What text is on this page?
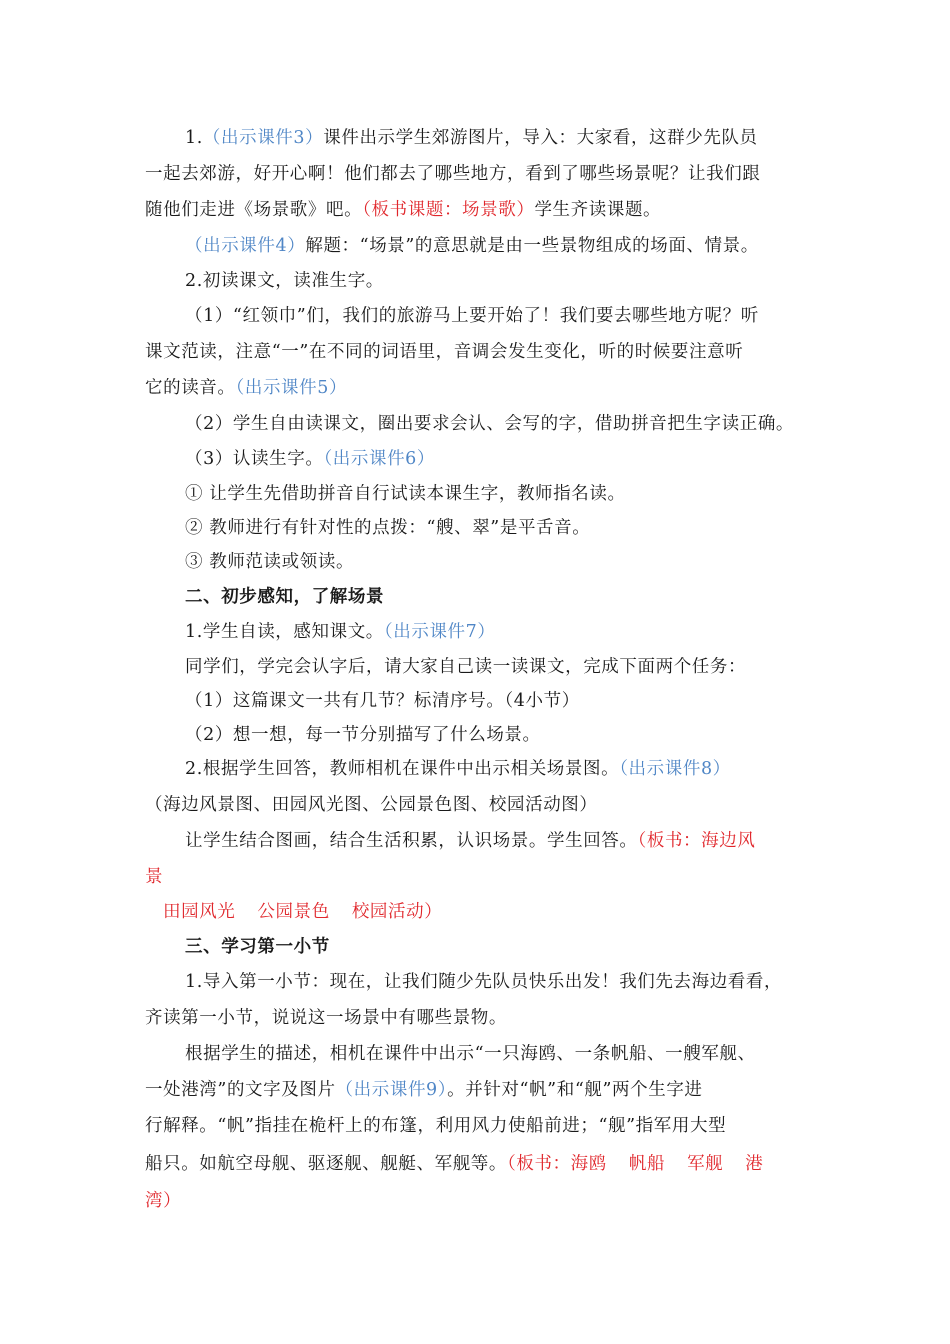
1.（出示课件3）课件出示学生郊游图片，导入：大家看，这群少先队员
一起去郊游，好开心啊！他们都去了哪些地方，看到了哪些场景呢？让我们跟
随他们走进《场景歌》吧。（板书课题：场景歌）学生齐读课题。
（出示课件4）解题：“场景”的意思就是由一些景物组成的场面、情景。
2.初读课文，读准生字。
（1）“红领巾”们，我们的旅游马上要开始了！我们要去哪些地方呢？听
课文范读，注意“一”在不同的词语里，音调会发生变化，听的时候要注意听
它的读音。（出示课件5）
（2）学生自由读课文，圈出要求会认、会写的字，借助拼音把生字读正确。
（3）认读生字。（出示课件6）
① 让学生先借助拼音自行试读本课生字，教师指名读。
② 教师进行有针对性的点拨：“艘、翠”是平舌音。
③ 教师范读或领读。
二、初步感知，了解场景
1.学生自读，感知课文。（出示课件7）
同学们，学完会认字后，请大家自己读一读课文，完成下面两个任务：
（1）这篇课文一共有几节？标清序号。（4小节）
（2）想一想，每一节分别描写了什么场景。
2.根据学生回答，教师相机在课件中出示相关场景图。（出示课件8）
（海边风景图、田园风光图、公园景色图、校园活动图）
让学生结合图画，结合生活积累，认识场景。学生回答。（板书：海边风
景
田园风光 公园景色 校园活动）
三、学习第一小节
1.导入第一小节：现在，让我们随少先队员快乐出发！我们先去海边看看，
齐读第一小节，说说这一场景中有哪些景物。
根据学生的描述，相机在课件中出示“一只海鸥、一条帆船、一艘军舰、
一处港湾”的文字及图片（出示课件9）。并针对“帆”和“舰”两个生字进
行解释。“帆”指挂在桅杆上的布篷，利用风力使船前进；“舰”指军用大型
船只。如航空母舰、驱逐舰、舰艇、军舰等。（板书：海鸥 帆船 军舰 港
湾）
